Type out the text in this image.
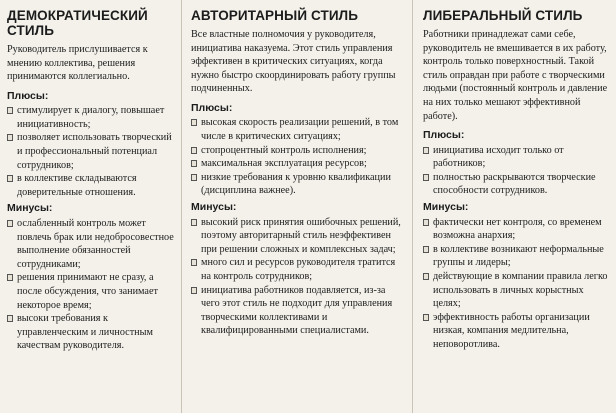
ДЕМОКРАТИЧЕСКИЙ СТИЛЬ
Руководитель прислушивается к мнению коллектива, решения принимаются коллегиально.
Плюсы:
стимулирует к диалогу, повышает инициативность;
позволяет использовать творческий и профессиональный потенциал сотрудников;
в коллективе складываются доверительные отношения.
Минусы:
ослабленный контроль может повлечь брак или недобросовестное выполнение обязанностей сотрудниками;
решения принимают не сразу, а после обсуждения, что занимает некоторое время;
высоки требования к управленческим и личностным качествам руководителя.
АВТОРИТАРНЫЙ СТИЛЬ
Все властные полномочия у руководителя, инициатива наказуема. Этот стиль управления эффективен в критических ситуациях, когда нужно быстро скоординировать работу группы подчиненных.
Плюсы:
высокая скорость реализации решений, в том числе в критических ситуациях;
стопроцентный контроль исполнения;
максимальная эксплуатация ресурсов;
низкие требования к уровню квалификации (дисциплина важнее).
Минусы:
высокий риск принятия ошибочных решений, поэтому авторитарный стиль неэффективен при решении сложных и комплексных задач;
много сил и ресурсов руководителя тратится на контроль сотрудников;
инициатива работников подавляется, из-за чего этот стиль не подходит для управления творческими коллективами и квалифицированными специалистами.
ЛИБЕРАЛЬНЫЙ СТИЛЬ
Работники принадлежат сами себе, руководитель не вмешивается в их работу, контроль только поверхностный. Такой стиль оправдан при работе с творческими людьми (постоянный контроль и давление на них только мешают эффективной работе).
Плюсы:
инициатива исходит только от работников;
полностью раскрываются творческие способности сотрудников.
Минусы:
фактически нет контроля, со временем возможна анархия;
в коллективе возникают неформальные группы и лидеры;
действующие в компании правила легко использовать в личных корыстных целях;
эффективность работы организации низкая, компания медлительна, неповоротлива.
